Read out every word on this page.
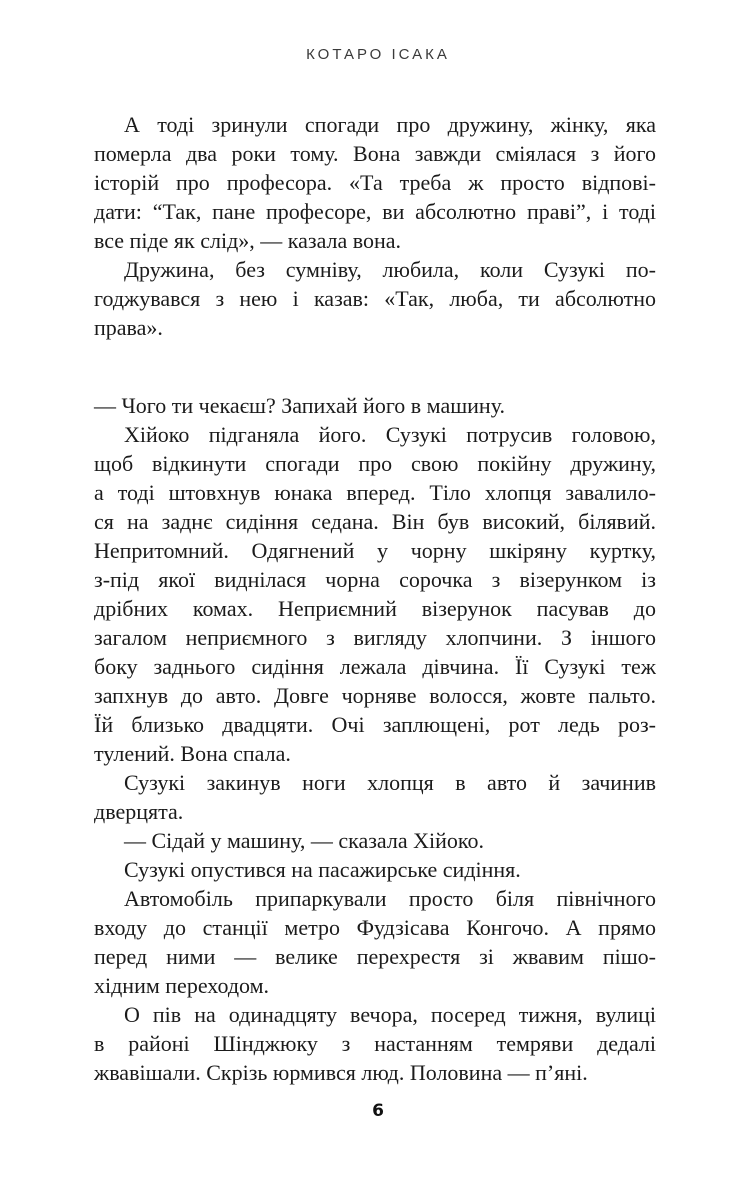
КОТАРО ІСАКА
А тоді зринули спогади про дружину, жінку, яка
померла два роки тому. Вона завжди сміялася з його
історій про професора. «Та треба ж просто відпові-
дати: “Так, пане професоре, ви абсолютно праві”, і тоді
все піде як слід», — казала вона.
Дружина, без сумніву, любила, коли Сузукі по-
годжувався з нею і казав: «Так, люба, ти абсолютно
права».
— Чого ти чекаєш? Запихай його в машину.
Хійоко підганяла його. Сузукі потрусив головою,
щоб відкинути спогади про свою покійну дружину,
а тоді штовхнув юнака вперед. Тіло хлопця завалило-
ся на заднє сидіння седана. Він був високий, білявий.
Непритомний. Одягнений у чорну шкіряну куртку,
з-під якої виднілася чорна сорочка з візерунком із
дрібних комах. Неприємний візерунок пасував до
загалом неприємного з вигляду хлопчини. З іншого
боку заднього сидіння лежала дівчина. Її Сузукі теж
запхнув до авто. Довге чорняве волосся, жовте пальто.
Їй близько двадцяти. Очі заплющені, рот ледь роз-
тулений. Вона спала.
Сузукі закинув ноги хлопця в авто й зачинив
дверцята.
— Сідай у машину, — сказала Хійоко.
Сузукі опустився на пасажирське сидіння.
Автомобіль припаркували просто біля північного
входу до станції метро Фудзісава Конгочо. А прямо
перед ними — велике перехрестя зі жвавим пішо-
хідним переходом.
О пів на одинадцяту вечора, посеред тижня, вулиці
в районі Шінджюку з настанням темряви дедалі
жвавішали. Скрізь юрмився люд. Половина — п’яні.
6
